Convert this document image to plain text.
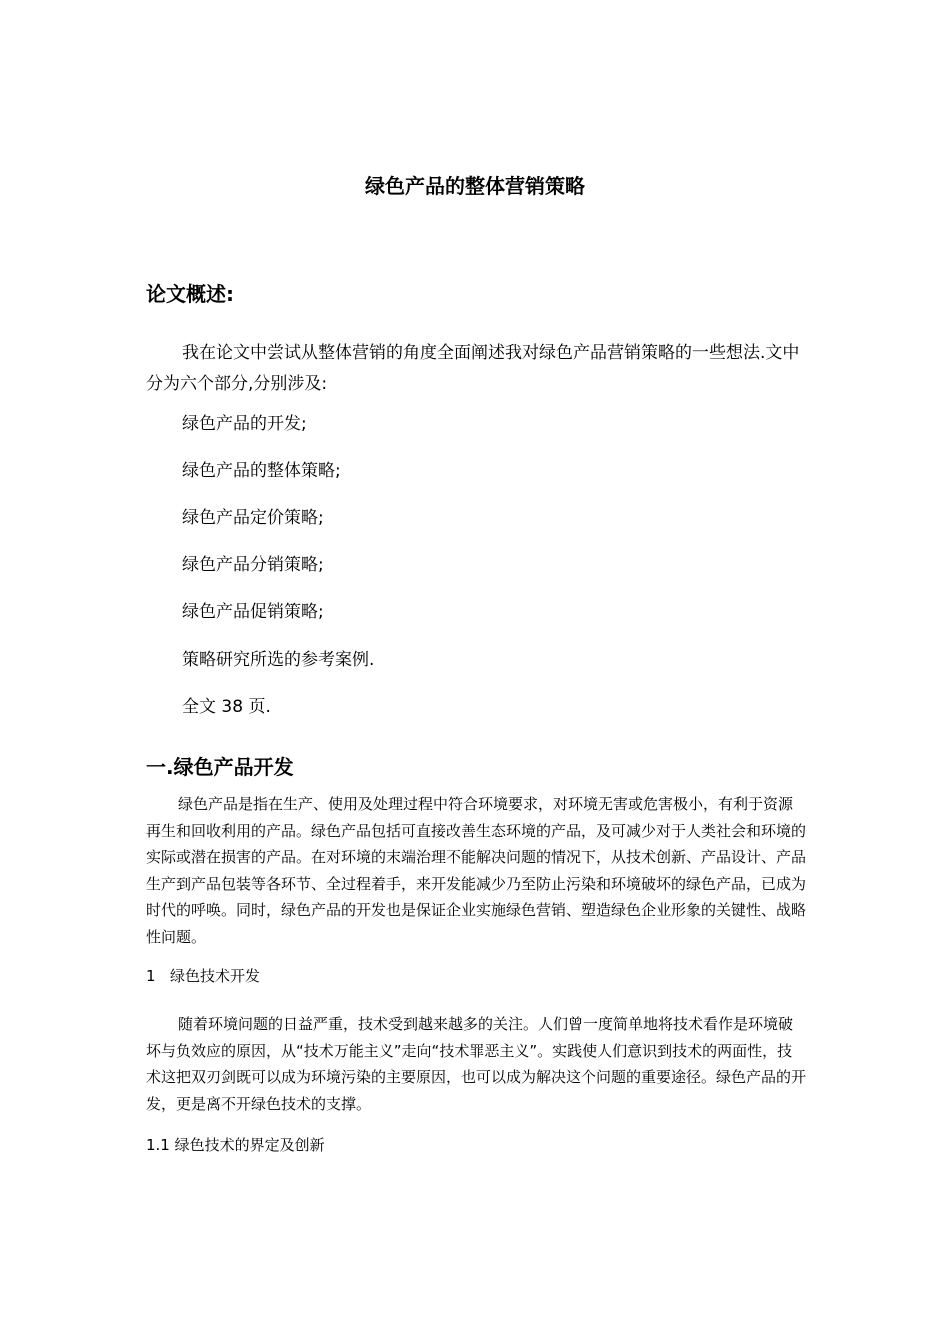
绿色产品的整体营销策略
论文概述:
我在论文中尝试从整体营销的角度全面阐述我对绿色产品营销策略的一些想法.文中分为六个部分,分别涉及:
绿色产品的开发;
绿色产品的整体策略;
绿色产品定价策略;
绿色产品分销策略;
绿色产品促销策略;
策略研究所选的参考案例.
全文 38 页.
一.绿色产品开发
绿色产品是指在生产、使用及处理过程中符合环境要求，对环境无害或危害极小，有利于资源再生和回收利用的产品。绿色产品包括可直接改善生态环境的产品，及可减少对于人类社会和环境的实际或潜在损害的产品。在对环境的末端治理不能解决问题的情况下，从技术创新、产品设计、产品生产到产品包装等各环节、全过程着手，来开发能减少乃至防止污染和环境破坏的绿色产品，已成为时代的呼唤。同时，绿色产品的开发也是保证企业实施绿色营销、塑造绿色企业形象的关键性、战略性问题。
1 绿色技术开发
随着环境问题的日益严重，技术受到越来越多的关注。人们曾一度简单地将技术看作是环境破坏与负效应的原因，从“技术万能主义”走向“技术罪恶主义”。实践使人们意识到技术的两面性，技术这把双刃剑既可以成为环境污染的主要原因，也可以成为解决这个问题的重要途径。绿色产品的开发，更是离不开绿色技术的支撑。
1.1 绿色技术的界定及创新
